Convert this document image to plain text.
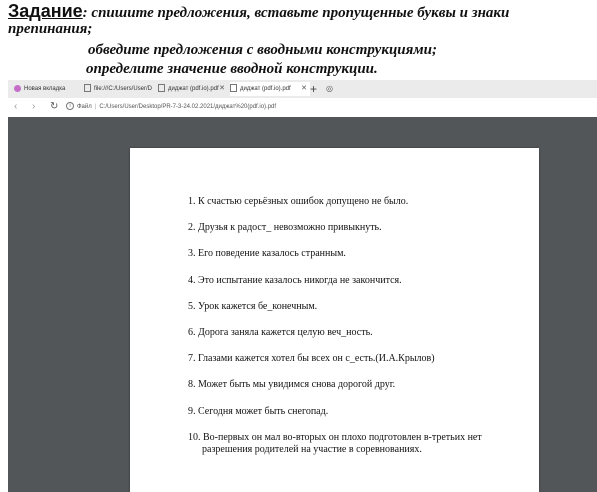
Задание: спишите предложения, вставьте пропущенные буквы и знаки
препинания;
обведите предложения с вводными конструкциями;
определите значение вводной конструкции.
Новая вкладка	file:///C:/Users/User/D	диджат (pdf.io).pdf ✕	диджат (pdf.io).pdf ✕ + ◎
‹ › ↻	i Файл | C:/Users/User/Desktop/PR-7-3-24.02.2021/диджат%20(pdf.io).pdf
1. К счастью серьёзных ошибок допущено не было.
2. Друзья к радост_ невозможно привыкнуть.
3. Его поведение казалось странным.
4. Это испытание казалось никогда не закончится.
5. Урок кажется бе_конечным.
6. Дорога заняла кажется целую веч_ность.
7. Глазами кажется хотел бы всех он с_есть.(И.А.Крылов)
8. Может быть мы увидимся снова дорогой друг.
9. Сегодня может быть снегопад.
10. Во-первых он мал во-вторых он плохо подготовлен в-третьих нет
разрешения родителей на участие в соревнованиях.
